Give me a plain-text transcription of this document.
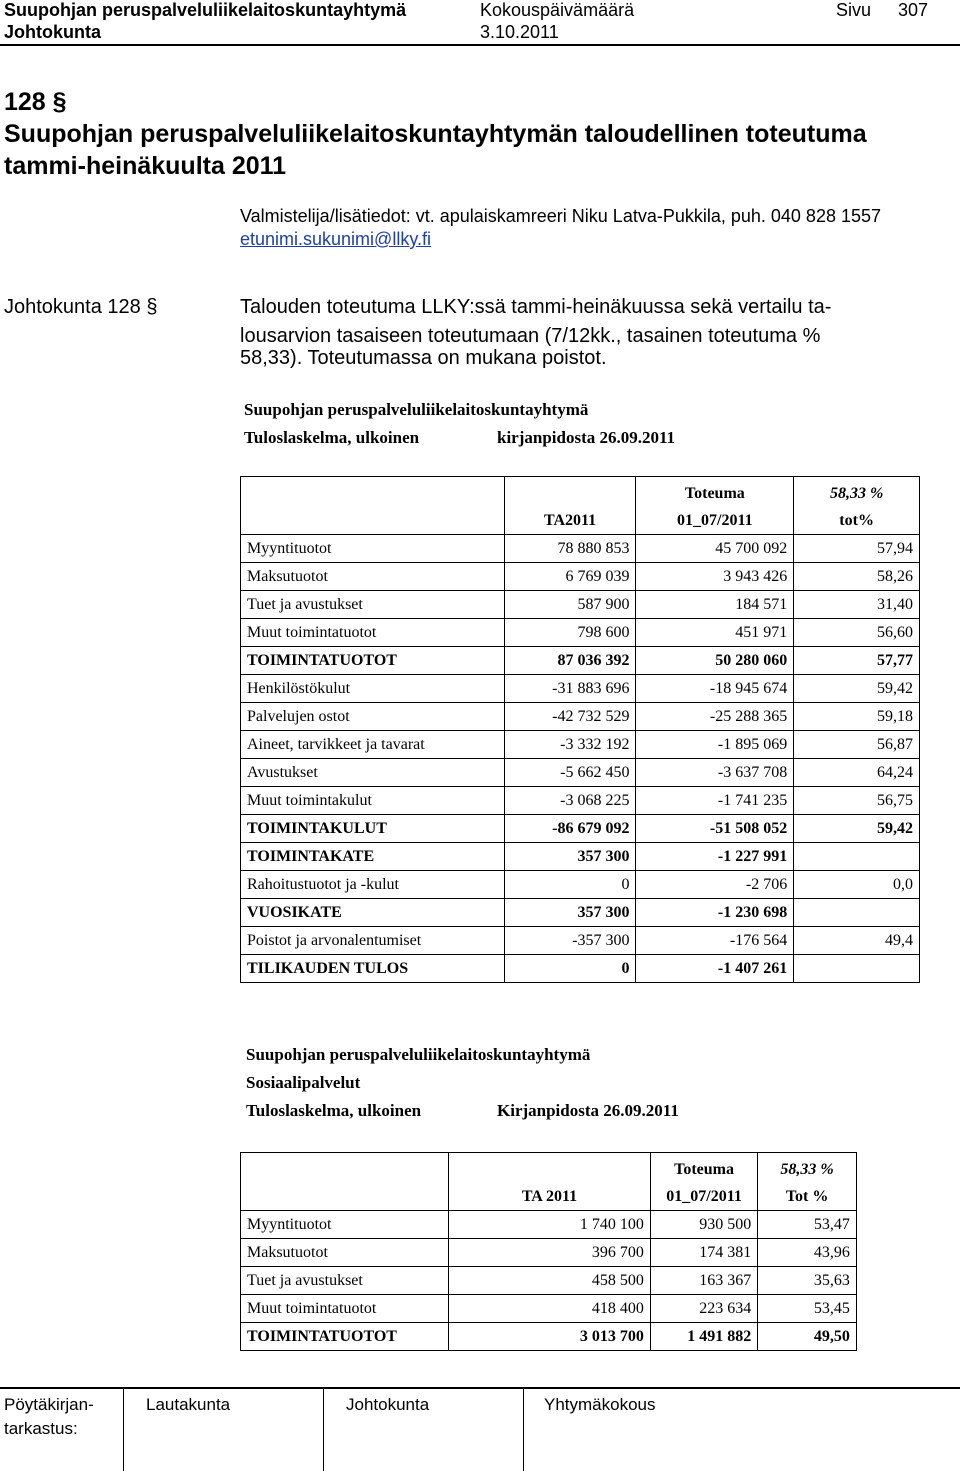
Suupohjan peruspalveluliikelaitoskuntayhtymä	Kokouspäivämäärä	Sivu 307
Johtokunta	3.10.2011
128 §
Suupohjan peruspalveluliikelaitoskuntayhtymän taloudellinen toteutuma
tammi-heinäkuulta 2011
Valmistelija/lisätiedot: vt. apulaiskamreeri Niku Latva-Pukkila, puh. 040 828 1557
etunimi.sukunimi@llky.fi
Johtokunta 128 §	Talouden toteutuma LLKY:ssä tammi-heinäkuussa sekä vertailu ta-
lousarvion tasaiseen toteutumaan (7/12kk., tasainen toteutuma %
58,33). Toteutumassa on mukana poistot.
Suupohjan peruspalveluliikelaitoskuntayhtymä
Tuloslaskelma, ulkoinen	kirjanpidosta 26.09.2011
	TA2011	Toteuma	58,33 %
		01_07/2011	tot%
Myyntituotot	78 880 853	45 700 092	57,94
Maksutuotot	6 769 039	3 943 426	58,26
Tuet ja avustukset	587 900	184 571	31,40
Muut toimintatuotot	798 600	451 971	56,60
TOIMINTATUOTOT	87 036 392	50 280 060	57,77
Henkilöstökulut	-31 883 696	-18 945 674	59,42
Palvelujen ostot	-42 732 529	-25 288 365	59,18
Aineet, tarvikkeet ja tavarat	-3 332 192	-1 895 069	56,87
Avustukset	-5 662 450	-3 637 708	64,24
Muut toimintakulut	-3 068 225	-1 741 235	56,75
TOIMINTAKULUT	-86 679 092	-51 508 052	59,42
TOIMINTAKATE	357 300	-1 227 991	
Rahoitustuotot ja -kulut	0	-2 706	0,0
VUOSIKATE	357 300	-1 230 698	
Poistot ja arvonalentumiset	-357 300	-176 564	49,4
TILIKAUDEN TULOS	0	-1 407 261	
Suupohjan peruspalveluliikelaitoskuntayhtymä
Sosiaalipalvelut
Tuloslaskelma, ulkoinen	Kirjanpidosta 26.09.2011
	TA 2011	Toteuma	58,33 %
		01_07/2011	Tot %
Myyntituotot	1 740 100	930 500	53,47
Maksutuotot	396 700	174 381	43,96
Tuet ja avustukset	458 500	163 367	35,63
Muut toimintatuotot	418 400	223 634	53,45
TOIMINTATUOTOT	3 013 700	1 491 882	49,50
Pöytäkirjan-
tarkastus:
Lautakunta	Johtokunta	Yhtymäkokous
